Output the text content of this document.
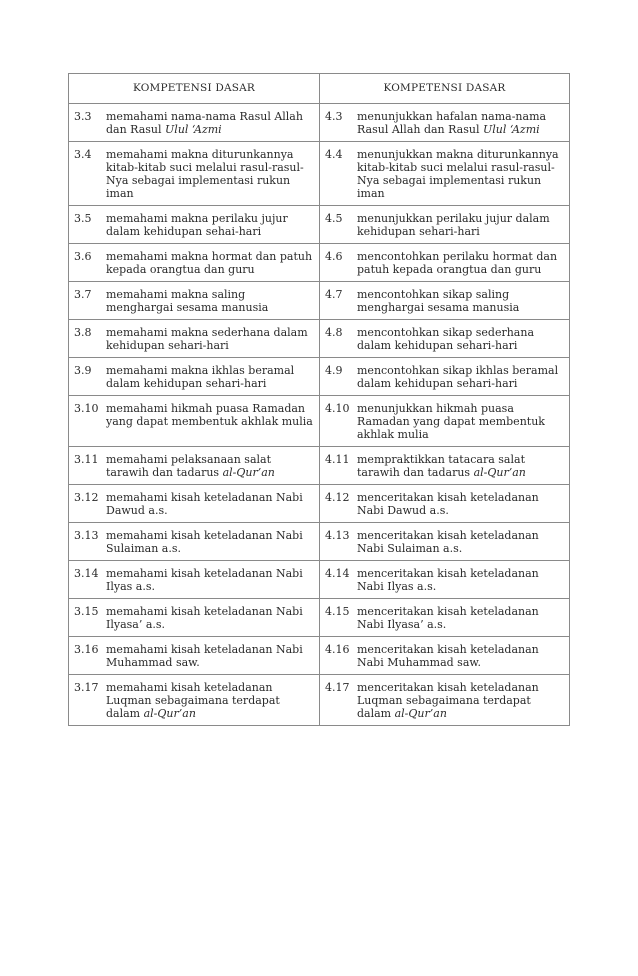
KOMPETENSI DASAR	KOMPETENSI DASAR

3.3 memahami nama-nama Rasul Allah dan Rasul Ulul ‘Azmi	4.3 menunjukkan hafalan nama-nama Rasul Allah dan Rasul Ulul ‘Azmi

3.4 memahami makna diturunkannya kitab-kitab suci melalui rasul-rasul-Nya sebagai implementasi rukun iman	4.4 menunjukkan makna diturunkannya kitab-kitab suci melalui rasul-rasul-Nya sebagai implementasi rukun iman

3.5 memahami makna perilaku jujur dalam kehidupan sehai-hari	4.5 menunjukkan perilaku jujur dalam kehidupan sehari-hari

3.6 memahami makna hormat dan patuh kepada orangtua dan guru	4.6 mencontohkan perilaku hormat dan patuh kepada orangtua dan guru

3.7 memahami makna saling menghargai sesama manusia	4.7 mencontohkan sikap saling menghargai sesama manusia

3.8 memahami makna sederhana dalam kehidupan sehari-hari	4.8 mencontohkan sikap sederhana dalam kehidupan sehari-hari

3.9 memahami makna ikhlas beramal dalam kehidupan sehari-hari	4.9 mencontohkan sikap ikhlas beramal dalam kehidupan sehari-hari

3.10 memahami hikmah puasa Ramadan yang dapat membentuk akhlak mulia	4.10 menunjukkan hikmah puasa Ramadan yang dapat membentuk akhlak mulia

3.11 memahami pelaksanaan salat tarawih dan tadarus al-Qur’an	4.11 mempraktikkan tatacara salat tarawih dan tadarus al-Qur’an

3.12 memahami kisah keteladanan Nabi Dawud a.s.	4.12 menceritakan kisah keteladanan Nabi Dawud a.s.

3.13 memahami kisah keteladanan Nabi Sulaiman a.s.	4.13 menceritakan kisah keteladanan Nabi Sulaiman a.s.

3.14 memahami kisah keteladanan Nabi Ilyas a.s.	4.14 menceritakan kisah keteladanan Nabi Ilyas a.s.

3.15 memahami kisah keteladanan Nabi Ilyasa’ a.s.	4.15 menceritakan kisah keteladanan Nabi Ilyasa’ a.s.

3.16 memahami kisah keteladanan Nabi Muhammad saw.	4.16 menceritakan kisah keteladanan Nabi Muhammad saw.

3.17 memahami kisah keteladanan Luqman sebagaimana terdapat dalam al-Qur’an	4.17 menceritakan kisah keteladanan Luqman sebagaimana terdapat dalam al-Qur’an
